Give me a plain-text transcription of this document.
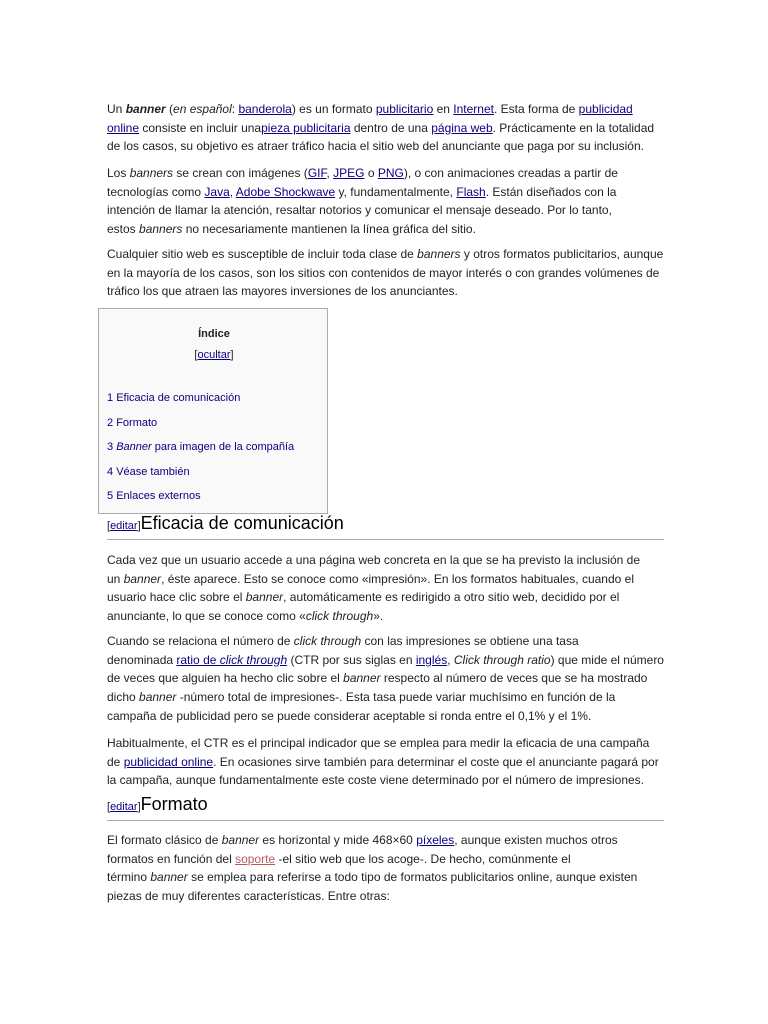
Un banner (en español: banderola) es un formato publicitario en Internet. Esta forma de publicidad
online consiste en incluir unapieza publicitaria dentro de una página web. Prácticamente en la totalidad
de los casos, su objetivo es atraer tráfico hacia el sitio web del anunciante que paga por su inclusión.

Los banners se crean con imágenes (GIF, JPEG o PNG), o con animaciones creadas a partir de
tecnologías como Java, Adobe Shockwave y, fundamentalmente, Flash. Están diseñados con la
intención de llamar la atención, resaltar notorios y comunicar el mensaje deseado. Por lo tanto,
estos banners no necesariamente mantienen la línea gráfica del sitio.

Cualquier sitio web es susceptible de incluir toda clase de banners y otros formatos publicitarios, aunque
en la mayoría de los casos, son los sitios con contenidos de mayor interés o con grandes volúmenes de
tráfico los que atraen las mayores inversiones de los anunciantes.

Cada vez que un usuario accede a una página web concreta en la que se ha previsto la inclusión de
un banner, éste aparece. Esto se conoce como «impresión». En los formatos habituales, cuando el
usuario hace clic sobre el banner, automáticamente es redirigido a otro sitio web, decidido por el
anunciante, lo que se conoce como «click through».

Cuando se relaciona el número de click through con las impresiones se obtiene una tasa
denominada ratio de click through (CTR por sus siglas en inglés, Click through ratio) que mide el número
de veces que alguien ha hecho clic sobre el banner respecto al número de veces que se ha mostrado
dicho banner -número total de impresiones-. Esta tasa puede variar muchísimo en función de la
campaña de publicidad pero se puede considerar aceptable si ronda entre el 0,1% y el 1%.

Habitualmente, el CTR es el principal indicador que se emplea para medir la eficacia de una campaña
de publicidad online. En ocasiones sirve también para determinar el coste que el anunciante pagará por
la campaña, aunque fundamentalmente este coste viene determinado por el número de impresiones.

El formato clásico de banner es horizontal y mide 468×60 píxeles, aunque existen muchos otros
formatos en función del soporte -el sitio web que los acoge-. De hecho, comúnmente el
término banner se emplea para referirse a todo tipo de formatos publicitarios online, aunque existen
piezas de muy diferentes características. Entre otras:

Índice
[ocultar]
1 Eficacia de comunicación
2 Formato
3 Banner para imagen de la compañía
4 Véase también
5 Enlaces externos
[editar]Eficacia de comunicación
[editar]Formato
